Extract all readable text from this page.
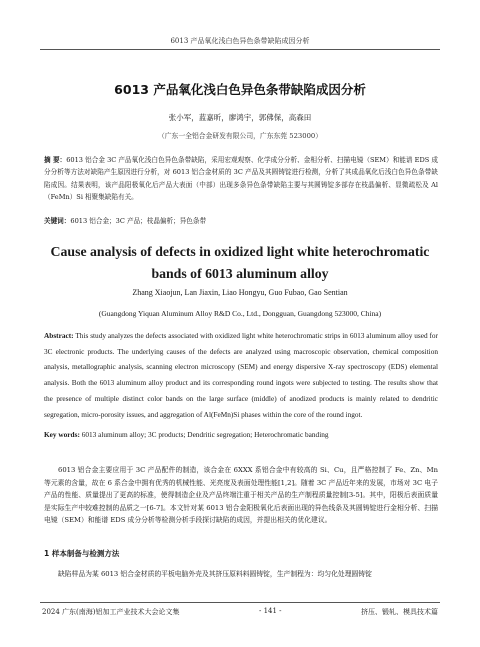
6013 产品氧化浅白色异色条带缺陷成因分析
6013 产品氧化浅白色异色条带缺陷成因分析
张小军，蓝嘉昕，廖鸿宇，郭佛保，高森田
（广东一全铝合金研发有限公司，广东东莞 523000）
摘 要：6013 铝合金 3C 产品氧化浅白色异色条带缺陷，采用宏观观察、化学成分分析、金相分析、扫描电镜（SEM）和能谱 EDS 成分分析等方法对缺陷产生原因进行分析，对 6013 铝合金材质的 3C 产品及其圆铸锭进行检测，分析了其成品氧化后浅白色异色条带缺陷成因。结果表明，该产品阳极氧化后产品大表面（中部）出现多条异色条带缺陷主要与其圆铸锭多部存在枝晶偏析、显微疏松及 Al（FeMn）Si 相聚集缺陷有关。
关键词：6013 铝合金；3C 产品；枝晶偏析；异色条带
Cause analysis of defects in oxidized light white heterochromatic bands of 6013 aluminum alloy
Zhang Xiaojun, Lan Jiaxin, Liao Hongyu, Guo Fubao, Gao Sentian
(Guangdong Yiquan Aluminum Alloy R&D Co., Ltd., Dongguan, Guangdong 523000, China)
Abstract: This study analyzes the defects associated with oxidized light white heterochromatic strips in 6013 aluminum alloy used for 3C electronic products. The underlying causes of the defects are analyzed using macroscopic observation, chemical composition analysis, metallographic analysis, scanning electron microscopy (SEM) and energy dispersive X-ray spectroscopy (EDS) elemental analysis. Both the 6013 aluminum alloy product and its corresponding round ingots were subjected to testing. The results show that the presence of multiple distinct color bands on the large surface (middle) of anodized products is mainly related to dendritic segregation, micro-porosity issues, and aggregation of Al(FeMn)Si phases within the core of the round ingot.
Key words: 6013 aluminum alloy; 3C products; Dendritic segregation; Heterochromatic banding
6013 铝合金主要应用于 3C 产品配件的制造，该合金在 6XXX 系铝合金中有较高的 Si、Cu，且严格控制了 Fe、Zn、Mn 等元素的含量，故在 6 系合金中拥有优秀的机械性能、光亮度及表面处理性能[1,2]。随着 3C 产品近年来的发展，市场对 3C 电子产品的性能、质量提出了更高的标准，使得制造企业及产品终端注重于相关产品的生产制程质量控制[3-5]。其中，阳极后表面质量是实际生产中较难控制的品质之一[6-7]。本文针对某 6013 铝合金阳极氧化后表面出现的异色线条及其圆铸锭进行金相分析、扫描电镜（SEM）和能谱 EDS 成分分析等检测分析手段探讨缺陷的成因，并提出相关的优化建议。
1 样本制备与检测方法
缺陷样品为某 6013 铝合金材质的平板电脑外壳及其挤压原料料圆铸锭，生产制程为：均匀化处理圆铸锭
2024 广东(南海)铝加工产业技术大会论文集	- 141 -	挤压、锻轧、模具技术篇
